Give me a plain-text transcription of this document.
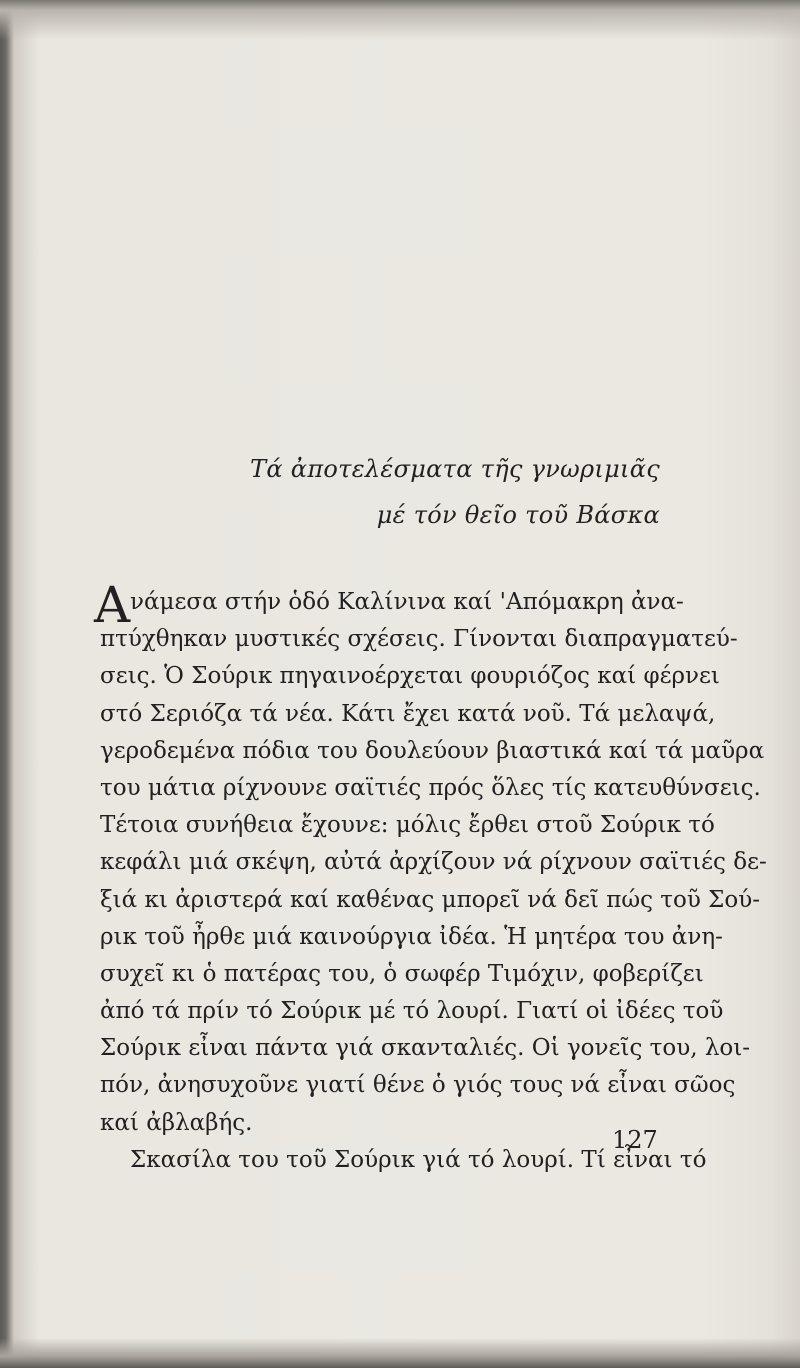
Τά ἀποτελέσματα τῆς γνωριμιᾶς
μέ τόν θεῖο τοῦ Βάσκα
Α νάμεσα στήν ὁδό Καλίνινα καί 'Απόμακρη ἀνα-
πτύχθηκαν μυστικές σχέσεις. Γίνονται διαπραγματεύ-
σεις. Ὁ Σούρικ πηγαινοέρχεται φουριόζος καί φέρνει
στό Σεριόζα τά νέα. Κάτι ἔχει κατά νοῦ. Τά μελαψά,
γεροδεμένα πόδια του δουλεύουν βιαστικά καί τά μαῦρα
του μάτια ρίχνουνε σαϊτιές πρός ὅλες τίς κατευθύνσεις.
Τέτοια συνήθεια ἔχουνε: μόλις ἔρθει στοῦ Σούρικ τό
κεφάλι μιά σκέψη, αὐτά ἀρχίζουν νά ρίχνουν σαϊτιές δε-
ξιά κι ἀριστερά καί καθένας μπορεῖ νά δεῖ πώς τοῦ Σού-
ρικ τοῦ ἦρθε μιά καινούργια ἰδέα. Ἡ μητέρα του ἀνη-
συχεῖ κι ὁ πατέρας του, ὁ σωφέρ Τιμόχιν, φοβερίζει
ἀπό τά πρίν τό Σούρικ μέ τό λουρί. Γιατί οἱ ἰδέες τοῦ
Σούρικ εἶναι πάντα γιά σκανταλιές. Οἱ γονεῖς του, λοι-
πόν, ἀνησυχοῦνε γιατί θένε ὁ γιός τους νά εἶναι σῶος
καί ἀβλαβής.
Σκασίλα του τοῦ Σούρικ γιά τό λουρί. Τί εἶναι τό
127
